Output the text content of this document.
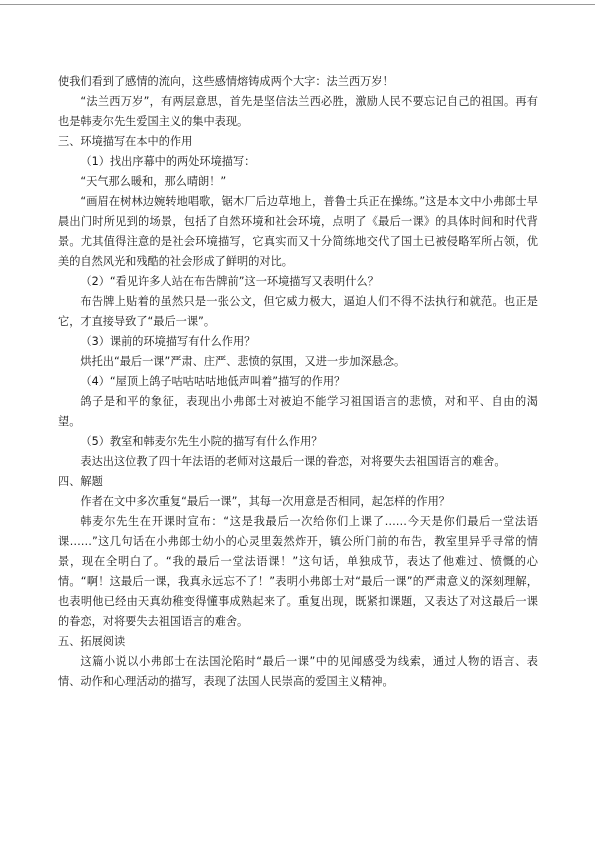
使我们看到了感情的流向，这些感情熔铸成两个大字：法兰西万岁！

“法兰西万岁”，有两层意思，首先是坚信法兰西必胜，激励人民不要忘记自己的祖国。再有也是韩麦尔先生爱国主义的集中表现。

三、环境描写在本中的作用

（1）找出序幕中的两处环境描写：

“天气那么暖和，那么晴朗！”

“画眉在树林边婉转地唱歌，锯木厂后边草地上，普鲁士兵正在操练。”这是本文中小弗郎士早晨出门时所见到的场景，包括了自然环境和社会环境，点明了《最后一课》的具体时间和时代背景。尤其值得注意的是社会环境描写，它真实而又十分简练地交代了国土已被侵略军所占领，优美的自然风光和残酷的社会形成了鲜明的对比。

（2）“看见许多人站在布告牌前”这一环境描写又表明什么？

布告牌上贴着的虽然只是一张公文，但它威力极大，逼迫人们不得不法执行和就范。也正是它，才直接导致了“最后一课”。

（3）课前的环境描写有什么作用？

烘托出“最后一课”严肃、庄严、悲愤的氛围，又进一步加深悬念。

（4）“屋顶上鸽子咕咕咕咕地低声叫着”描写的作用？

鸽子是和平的象征，表现出小弗郎士对被迫不能学习祖国语言的悲愤，对和平、自由的渴望。

（5）教室和韩麦尔先生小院的描写有什么作用？

表达出这位教了四十年法语的老师对这最后一课的眷恋，对将要失去祖国语言的难舍。

四、解题

作者在文中多次重复“最后一课”，其每一次用意是否相同，起怎样的作用？

韩麦尔先生在开课时宣布：“这是我最后一次给你们上课了……今天是你们最后一堂法语课……”这几句话在小弗郎士幼小的心灵里轰然炸开，镇公所门前的布告，教室里异乎寻常的情景，现在全明白了。“我的最后一堂法语课！”这句话，单独成节，表达了他难过、愤慨的心情。“啊！这最后一课，我真永远忘不了！”表明小弗郎士对“最后一课”的严肃意义的深刻理解，也表明他已经由天真幼稚变得懂事成熟起来了。重复出现，既紧扣课题，又表达了对这最后一课的眷恋，对将要失去祖国语言的难舍。

五、拓展阅读

这篇小说以小弗郎士在法国沦陷时“最后一课”中的见闻感受为线索，通过人物的语言、表情、动作和心理活动的描写，表现了法国人民崇高的爱国主义精神。
